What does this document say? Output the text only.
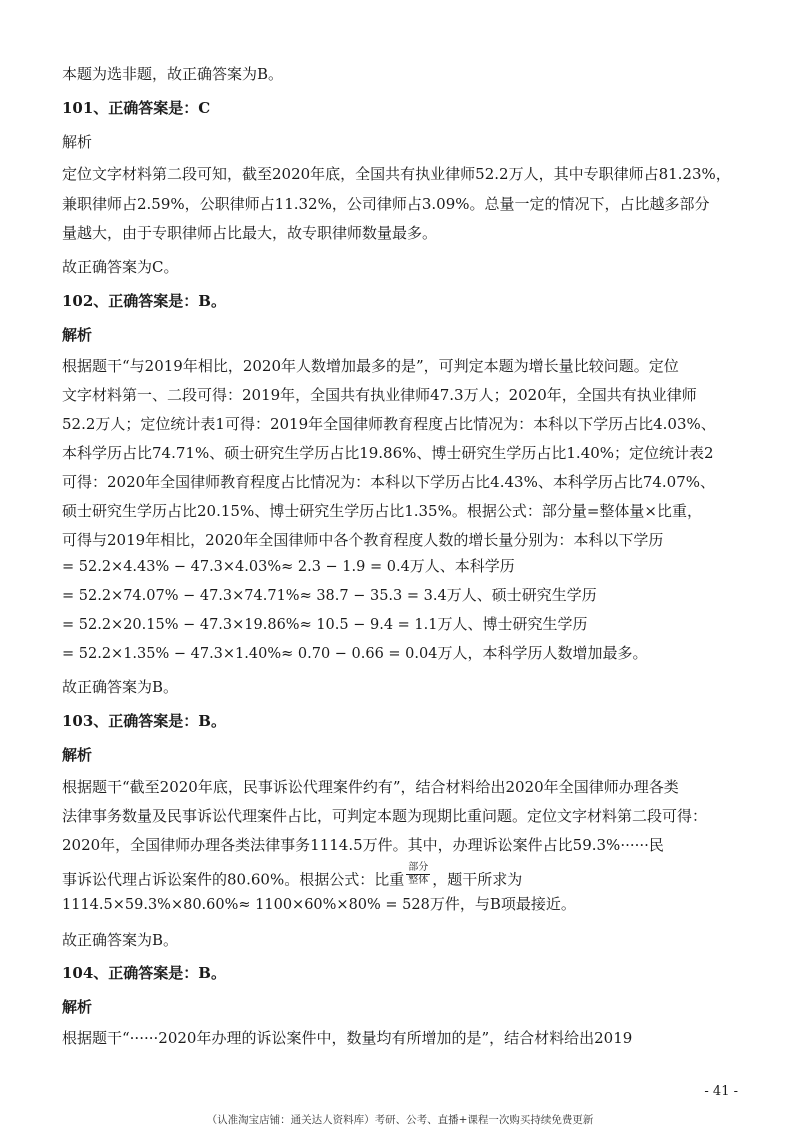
本题为选非题，故正确答案为B。
101、正确答案是：C
解析
定位文字材料第二段可知，截至2020年底，全国共有执业律师52.2万人，其中专职律师占81.23%，
兼职律师占2.59%，公职律师占11.32%，公司律师占3.09%。总量一定的情况下，占比越多部分
量越大，由于专职律师占比最大，故专职律师数量最多。
故正确答案为C。
102、正确答案是：B。
解析
根据题干“与2019年相比，2020年人数增加最多的是”，可判定本题为增长量比较问题。定位
文字材料第一、二段可得：2019年，全国共有执业律师47.3万人；2020年，全国共有执业律师
52.2万人；定位统计表1可得：2019年全国律师教育程度占比情况为：本科以下学历占比4.03%、
本科学历占比74.71%、硕士研究生学历占比19.86%、博士研究生学历占比1.40%；定位统计表2
可得：2020年全国律师教育程度占比情况为：本科以下学历占比4.43%、本科学历占比74.07%、
硕士研究生学历占比20.15%、博士研究生学历占比1.35%。根据公式：部分量=整体量×比重，
可得与2019年相比，2020年全国律师中各个教育程度人数的增长量分别为：本科以下学历
= 52.2×4.43% − 47.3×4.03%≈ 2.3 − 1.9 = 0.4万人、本科学历
= 52.2×74.07% − 47.3×74.71%≈ 38.7 − 35.3 = 3.4万人、硕士研究生学历
= 52.2×20.15% − 47.3×19.86%≈ 10.5 − 9.4 = 1.1万人、博士研究生学历
= 52.2×1.35% − 47.3×1.40%≈ 0.70 − 0.66 = 0.04万人，本科学历人数增加最多。
故正确答案为B。
103、正确答案是：B。
解析
根据题干“截至2020年底，民事诉讼代理案件约有”，结合材料给出2020年全国律师办理各类
法律事务数量及民事诉讼代理案件占比，可判定本题为现期比重问题。定位文字材料第二段可得：
2020年，全国律师办理各类法律事务1114.5万件。其中，办理诉讼案件占比59.3%······民
事诉讼代理占诉讼案件的80.60%。根据公式：比重 $\frac{\text{部分}}{\text{整体}}$ ，题干所求为
1114.5×59.3%×80.60%≈ 1100×60%×80% = 528万件，与B项最接近。
故正确答案为B。
104、正确答案是：B。
解析
根据题干“······2020年办理的诉讼案件中，数量均有所增加的是”，结合材料给出2019
- 41 -
（认准淘宝店铺：通关达人资料库）考研、公考、直播+课程一次购买持续免费更新
